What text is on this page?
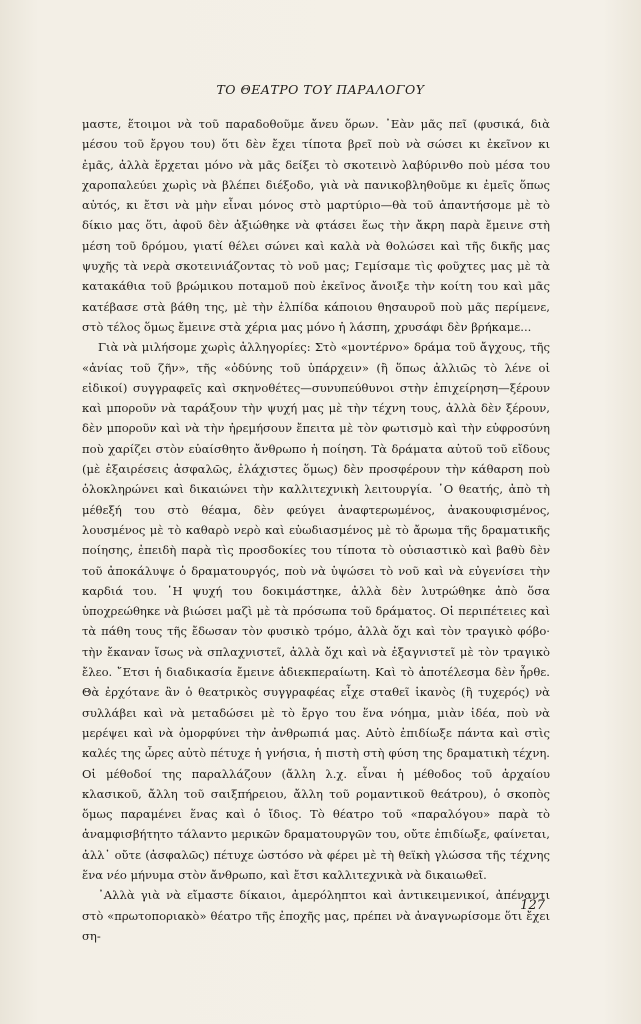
ΤΟ ΘΕΑΤΡΟ ΤΟΥ ΠΑΡΑΛΟΓΟΥ

μαστε, ἕτοιμοι νὰ τοῦ παραδοθοῦμε ἄνευ ὅρων. ᾽Εὰν μᾶς πεῖ (φυσικά, διὰ μέσου τοῦ ἔργου του) ὅτι δὲν ἔχει τίποτα βρεῖ ποὺ νὰ σώσει κι ἐκεῖνον κι ἐμᾶς, ἀλλὰ ἔρχεται μόνο νὰ μᾶς δείξει τὸ σκοτεινὸ λαβύρινθο ποὺ μέσα του χαροπαλεύει χωρὶς νὰ βλέπει διέξοδο, γιὰ νὰ πανικοβληθοῦμε κι ἐμεῖς ὅπως αὐτός, κι ἔτσι νὰ μὴν εἶναι μόνος στὸ μαρτύριο—θὰ τοῦ ἀπαντήσομε μὲ τὸ δίκιο μας ὅτι, ἀφοῦ δὲν ἀξιώθηκε νὰ φτάσει ἕως τὴν ἄκρη παρὰ ἔμεινε στὴ μέση τοῦ δρόμου, γιατί θέλει σώνει καὶ καλὰ νὰ θολώσει καὶ τῆς δικῆς μας ψυχῆς τὰ νερὰ σκοτεινιάζοντας τὸ νοῦ μας; Γεμίσαμε τὶς φοῦχτες μας μὲ τὰ κατακάθια τοῦ βρώμικου ποταμοῦ ποὺ ἐκεῖνος ἄνοιξε τὴν κοίτη του καὶ μᾶς κατέβασε στὰ βάθη της, μὲ τὴν ἐλπίδα κάποιου θησαυροῦ ποὺ μᾶς περίμενε, στὸ τέλος ὅμως ἔμεινε στὰ χέρια μας μόνο ἡ λάσπη, χρυσάφι δὲν βρήκαμε...

Γιὰ νὰ μιλήσομε χωρὶς ἀλληγορίες: Στὸ «μοντέρνο» δράμα τοῦ ἄγχους, τῆς «ἀνίας τοῦ ζῆν», τῆς «ὀδύνης τοῦ ὑπάρχειν» (ἢ ὅπως ἀλλιῶς τὸ λένε οἱ εἰδικοί) συγγραφεῖς καὶ σκηνοθέτες—συνυπεύθυνοι στὴν ἐπιχείρηση—ξέρουν καὶ μποροῦν νὰ ταράξουν τὴν ψυχή μας μὲ τὴν τέχνη τους, ἀλλὰ δὲν ξέρουν, δὲν μποροῦν καὶ νὰ τὴν ἠρεμήσουν ἔπειτα μὲ τὸν φωτισμὸ καὶ τὴν εὐφροσύνη ποὺ χαρίζει στὸν εὐαίσθητο ἄνθρωπο ἡ ποίηση. Τὰ δράματα αὐτοῦ τοῦ εἴδους (μὲ ἐξαιρέσεις ἀσφαλῶς, ἐλάχιστες ὅμως) δὲν προσφέρουν τὴν κάθαρση ποὺ ὁλοκληρώνει καὶ δικαιώνει τὴν καλλιτεχνικὴ λειτουργία. ῾Ο θεατής, ἀπὸ τὴ μέθεξή του στὸ θέαμα, δὲν φεύγει ἀναφτερωμένος, ἀνακουφισμένος, λουσμένος μὲ τὸ καθαρὸ νερὸ καὶ εὐωδιασμένος μὲ τὸ ἄρωμα τῆς δραματικῆς ποίησης, ἐπειδὴ παρὰ τὶς προσδοκίες του τίποτα τὸ οὐσιαστικὸ καὶ βαθὺ δὲν τοῦ ἀποκάλυψε ὁ δραματουργός, ποὺ νὰ ὑψώσει τὸ νοῦ καὶ νὰ εὐγενίσει τὴν καρδιά του. ῾Η ψυχή του δοκιμάστηκε, ἀλλὰ δὲν λυτρώθηκε ἀπὸ ὅσα ὑποχρεώθηκε νὰ βιώσει μαζὶ μὲ τὰ πρόσωπα τοῦ δράματος. Οἱ περιπέτειες καὶ τὰ πάθη τους τῆς ἔδωσαν τὸν φυσικὸ τρόμο, ἀλλὰ ὄχι καὶ τὸν τραγικὸ φόβο· τὴν ἔκαναν ἴσως νὰ σπλαχνιστεῖ, ἀλλὰ ὄχι καὶ νὰ ἐξαγνιστεῖ μὲ τὸν τραγικὸ ἔλεο. ῎Ετσι ἡ διαδικασία ἔμεινε ἀδιεκπεραίωτη. Καὶ τὸ ἀποτέλεσμα δὲν ἦρθε. Θὰ ἐρχότανε ἂν ὁ θεατρικὸς συγγραφέας εἶχε σταθεῖ ἱκανὸς (ἢ τυχερός) νὰ συλλάβει καὶ νὰ μεταδώσει μὲ τὸ ἔργο του ἕνα νόημα, μιὰν ἰδέα, ποὺ νὰ μερέψει καὶ νὰ ὀμορφύνει τὴν ἀνθρωπιά μας. Αὐτὸ ἐπιδίωξε πάντα καὶ στὶς καλές της ὧρες αὐτὸ πέτυχε ἡ γνήσια, ἡ πιστὴ στὴ φύση της δραματικὴ τέχνη. Οἱ μέθοδοί της παραλλάζουν (ἄλλη λ.χ. εἶναι ἡ μέθοδος τοῦ ἀρχαίου κλασικοῦ, ἄλλη τοῦ σαιξπήρειου, ἄλλη τοῦ ρομαντικοῦ θεάτρου), ὁ σκοπὸς ὅμως παραμένει ἕνας καὶ ὁ ἴδιος. Τὸ θέατρο τοῦ «παραλόγου» παρὰ τὸ ἀναμφισβήτητο τάλαντο μερικῶν δραματουργῶν του, οὔτε ἐπιδίωξε, φαίνεται, ἀλλ᾽ οὔτε (ἀσφαλῶς) πέτυχε ὡστόσο νὰ φέρει μὲ τὴ θεϊκὴ γλώσσα τῆς τέχνης ἕνα νέο μήνυμα στὸν ἄνθρωπο, καὶ ἔτσι καλλιτεχνικὰ νὰ δικαιωθεῖ.

᾽Αλλὰ γιὰ νὰ εἴμαστε δίκαιοι, ἀμερόληπτοι καὶ ἀντικειμενικοί, ἀπέναντι στὸ «πρωτοποριακὸ» θέατρο τῆς ἐποχῆς μας, πρέπει νὰ ἀναγνωρίσομε ὅτι ἔχει ση-

127
